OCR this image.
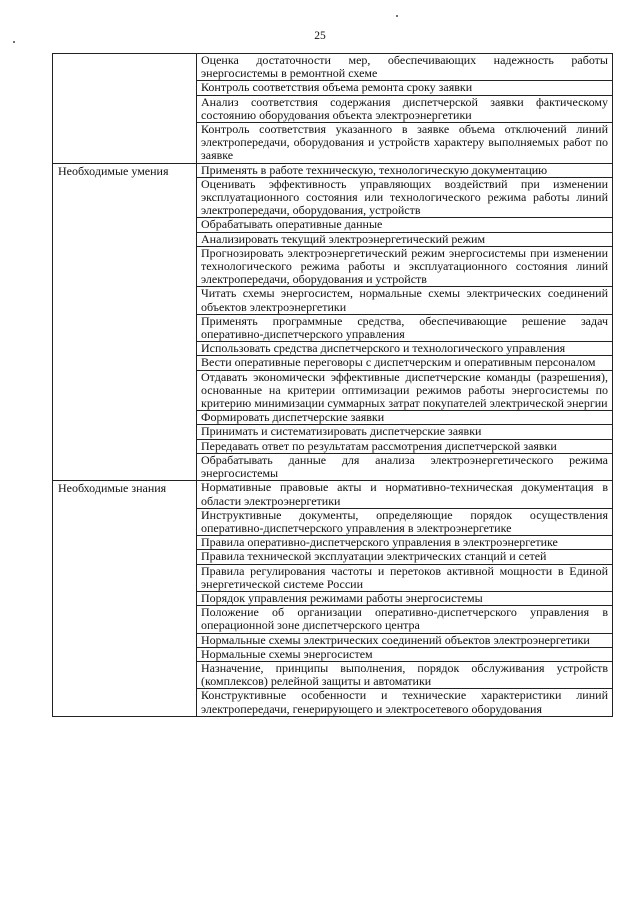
25
	Оценка достаточности мер, обеспечивающих надежность работы энергосистемы в ремонтной схеме
	Контроль соответствия объема ремонта сроку заявки
	Анализ соответствия содержания диспетчерской заявки фактическому состоянию оборудования объекта электроэнергетики
	Контроль соответствия указанного в заявке объема отключений линий электропередачи, оборудования и устройств характеру выполняемых работ по заявке
Необходимые умения	Применять в работе техническую, технологическую документацию
	Оценивать эффективность управляющих воздействий при изменении эксплуатационного состояния или технологического режима работы линий электропередачи, оборудования, устройств
	Обрабатывать оперативные данные
	Анализировать текущий электроэнергетический режим
	Прогнозировать электроэнергетический режим энергосистемы при изменении технологического режима работы и эксплуатационного состояния линий электропередачи, оборудования и устройств
	Читать схемы энергосистем, нормальные схемы электрических соединений объектов электроэнергетики
	Применять программные средства, обеспечивающие решение задач оперативно-диспетчерского управления
	Использовать средства диспетчерского и технологического управления
	Вести оперативные переговоры с диспетчерским и оперативным персоналом
	Отдавать экономически эффективные диспетчерские команды (разрешения), основанные на критерии оптимизации режимов работы энергосистемы по критерию минимизации суммарных затрат покупателей электрической энергии
	Формировать диспетчерские заявки
	Принимать и систематизировать диспетчерские заявки
	Передавать ответ по результатам рассмотрения диспетчерской заявки
	Обрабатывать данные для анализа электроэнергетического режима энергосистемы
Необходимые знания	Нормативные правовые акты и нормативно-техническая документация в области электроэнергетики
	Инструктивные документы, определяющие порядок осуществления оперативно-диспетчерского управления в электроэнергетике
	Правила оперативно-диспетчерского управления в электроэнергетике
	Правила технической эксплуатации электрических станций и сетей
	Правила регулирования частоты и перетоков активной мощности в Единой энергетической системе России
	Порядок управления режимами работы энергосистемы
	Положение об организации оперативно-диспетчерского управления в операционной зоне диспетчерского центра
	Нормальные схемы электрических соединений объектов электроэнергетики
	Нормальные схемы энергосистем
	Назначение, принципы выполнения, порядок обслуживания устройств (комплексов) релейной защиты и автоматики
	Конструктивные особенности и технические характеристики линий электропередачи, генерирующего и электросетевого оборудования
